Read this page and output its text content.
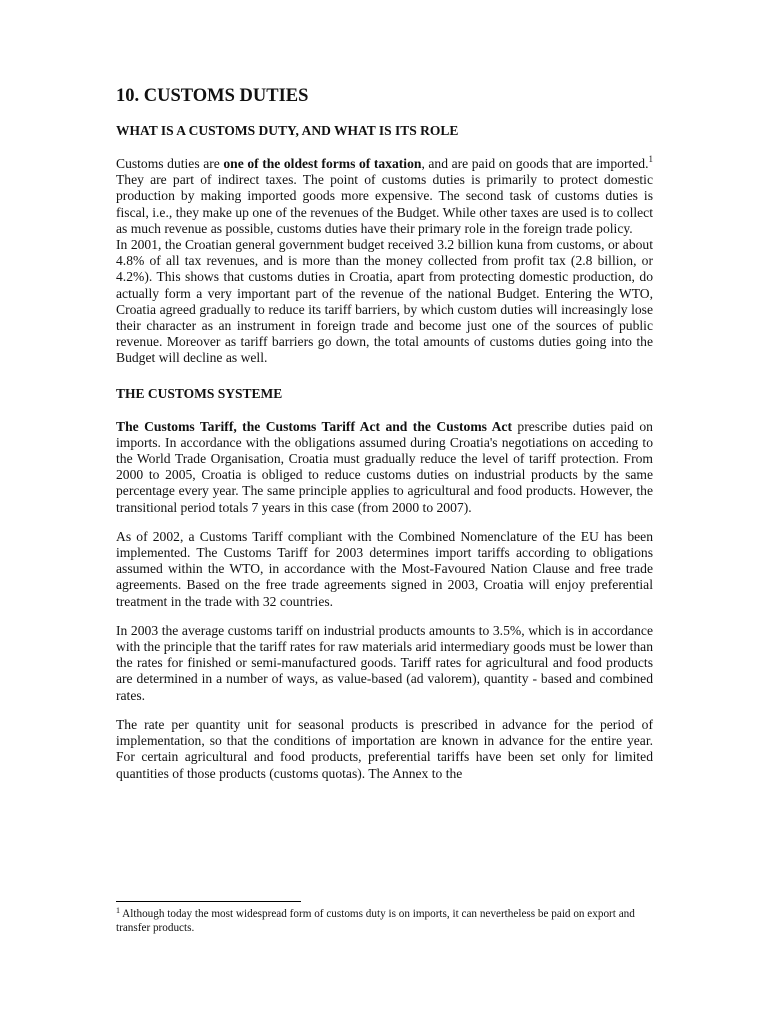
10. CUSTOMS DUTIES
WHAT IS A CUSTOMS DUTY, AND WHAT IS ITS ROLE

Customs duties are one of the oldest forms of taxation, and are paid on goods that are imported.$^1$ They are part of indirect taxes. The point of customs duties is primarily to protect domestic production by making imported goods more expensive. The second task of customs duties is fiscal, i.e., they make up one of the revenues of the Budget. While other taxes are used is to collect as much revenue as possible, customs duties have their primary role in the foreign trade policy.

In 2001, the Croatian general government budget received 3.2 billion kuna from customs, or about 4.8% of all tax revenues, and is more than the money collected from profit tax (2.8 billion, or 4.2%). This shows that customs duties in Croatia, apart from protecting domestic production, do actually form a very important part of the revenue of the national Budget. Entering the WTO, Croatia agreed gradually to reduce its tariff barriers, by which custom duties will increasingly lose their character as an instrument in foreign trade and become just one of the sources of public revenue. Moreover as tariff barriers go down, the total amounts of customs duties going into the Budget will decline as well.

THE CUSTOMS SYSTEME

The Customs Tariff, the Customs Tariff Act and the Customs Act prescribe duties paid on imports. In accordance with the obligations assumed during Croatia's negotiations on acceding to the World Trade Organisation, Croatia must gradually reduce the level of tariff protection. From 2000 to 2005, Croatia is obliged to reduce customs duties on industrial products by the same percentage every year. The same principle applies to agricultural and food products. However, the transitional period totals 7 years in this case (from 2000 to 2007).

As of 2002, a Customs Tariff compliant with the Combined Nomenclature of the EU has been implemented. The Customs Tariff for 2003 determines import tariffs according to obligations assumed within the WTO, in accordance with the Most-Favoured Nation Clause and free trade agreements. Based on the free trade agreements signed in 2003, Croatia will enjoy preferential treatment in the trade with 32 countries.

In 2003 the average customs tariff on industrial products amounts to 3.5%, which is in accordance with the principle that the tariff rates for raw materials arid intermediary goods must be lower than the rates for finished or semi-manufactured goods. Tariff rates for agricultural and food products are determined in a number of ways, as value-based (ad valorem), quantity - based and combined rates.

The rate per quantity unit for seasonal products is prescribed in advance for the period of implementation, so that the conditions of importation are known in advance for the entire year. For certain agricultural and food products, preferential tariffs have been set only for limited quantities of those products (customs quotas). The Annex to the

$^1$ Although today the most widespread form of customs duty is on imports, it can nevertheless be paid on export and transfer products.
